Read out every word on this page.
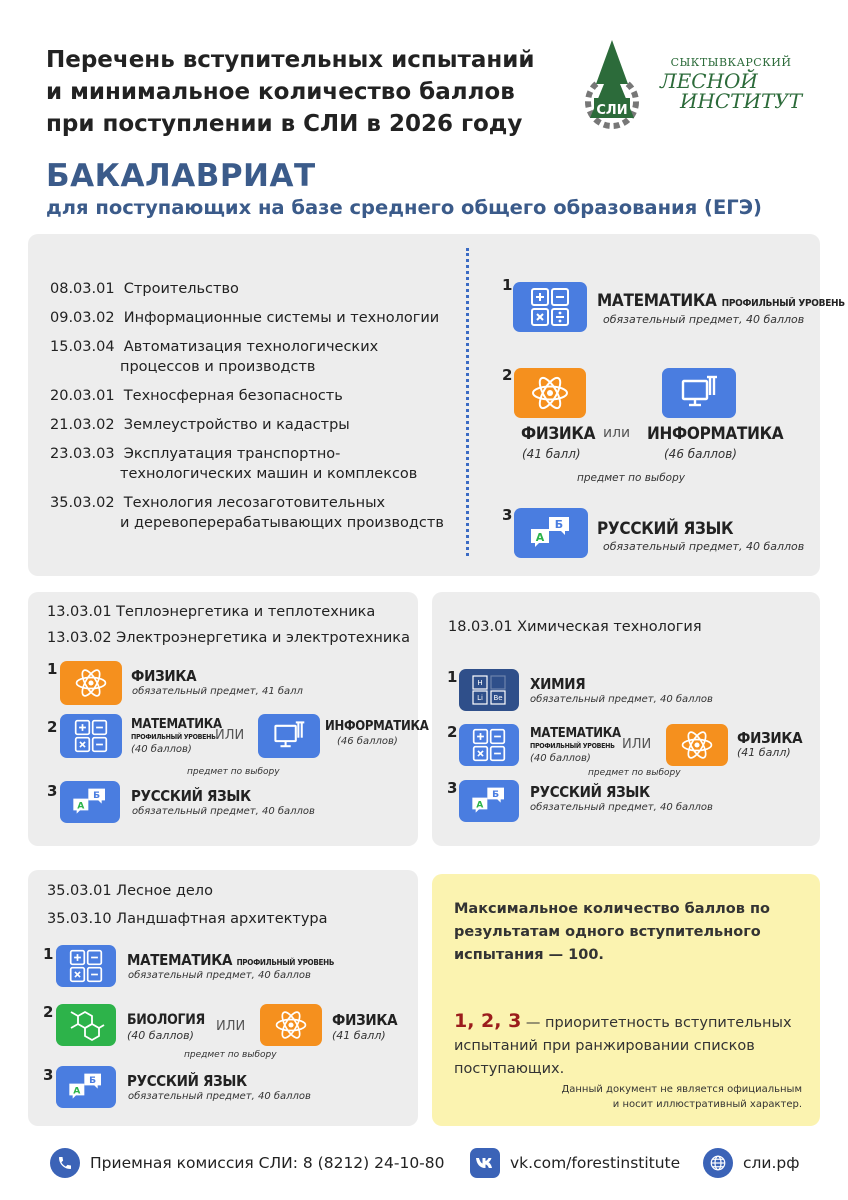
Перечень вступительных испытаний
и минимальное количество баллов
при поступлении в СЛИ в 2026 году
СЛИ
СЫКТЫВКАРСКИЙ
ЛЕСНОЙ
ИНСТИТУТ
БАКАЛАВРИАТ
для поступающих на базе среднего общего образования (ЕГЭ)
08.03.01 Строительство
09.03.02 Информационные системы и технологии
15.03.04 Автоматизация технологических
процессов и производств
20.03.01 Техносферная безопасность
21.03.02 Землеустройство и кадастры
23.03.03 Эксплуатация транспортно-
технологических машин и комплексов
35.03.02 Технология лесозаготовительных
и деревоперерабатывающих производств
1
МАТЕМАТИКА ПРОФИЛЬНЫЙ УРОВЕНЬ
обязательный предмет, 40 баллов
2
ФИЗИКА
(41 балл)
или ИНФОРМАТИКА
(46 баллов)
предмет по выбору
3
А
Б РУССКИЙ ЯЗЫК
обязательный предмет, 40 баллов
13.03.01 Теплоэнергетика и теплотехника
13.03.02 Электроэнергетика и электротехника
1	ФИЗИКА
обязательный предмет, 41 балл
2	МАТЕМАТИКА
ПРОФИЛЬНЫЙ УРОВЕНЬ
(40 баллов)
ИЛИ
ИНФОРМАТИКА
(46 баллов)
предмет по выбору
3
А
Б РУССКИЙ ЯЗЫК
обязательный предмет, 40 баллов
18.03.01 Химическая технология
1	H
Li Be
ХИМИЯ
обязательный предмет, 40 баллов
2	МАТЕМАТИКА
ПРОФИЛЬНЫЙ УРОВЕНЬ
(40 баллов)
ИЛИ	ФИЗИКА
(41 балл)
предмет по выбору
3
А
Б РУССКИЙ ЯЗЫК
обязательный предмет, 40 баллов
35.03.01 Лесное дело
35.03.10 Ландшафтная архитектура
1	МАТЕМАТИКА ПРОФИЛЬНЫЙ УРОВЕНЬ
обязательный предмет, 40 баллов
2	БИОЛОГИЯ
(40 баллов)
ИЛИ	ФИЗИКА
(41 балл)
предмет по выбору
3
А
Б РУССКИЙ ЯЗЫК
обязательный предмет, 40 баллов
Максимальное количество баллов по
результатам одного вступительного
испытания — 100.
1, 2, 3 — приоритетность вступительных
испытаний при ранжировании списков
поступающих.
Данный документ не является официальным
и носит иллюстративный характер.
Приемная комиссия СЛИ: 8 (8212) 24-10-80	vk.com/forestinstitute	сли.рф
